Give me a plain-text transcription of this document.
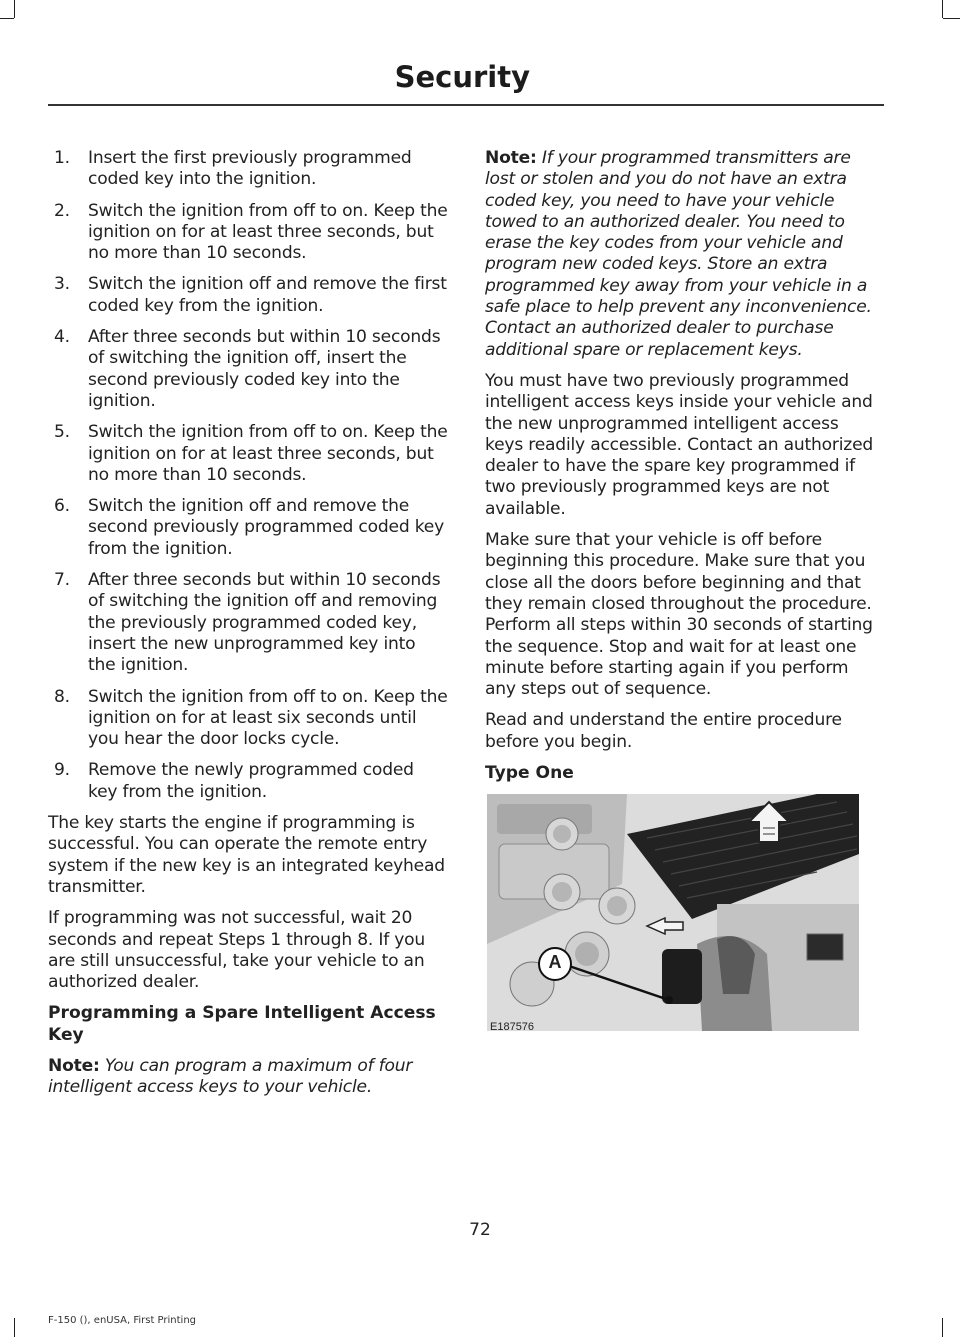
Security
1. Insert the first previously programmed coded key into the ignition.
2. Switch the ignition from off to on. Keep the ignition on for at least three seconds, but no more than 10 seconds.
3. Switch the ignition off and remove the first coded key from the ignition.
4. After three seconds but within 10 seconds of switching the ignition off, insert the second previously coded key into the ignition.
5. Switch the ignition from off to on. Keep the ignition on for at least three seconds, but no more than 10 seconds.
6. Switch the ignition off and remove the second previously programmed coded key from the ignition.
7. After three seconds but within 10 seconds of switching the ignition off and removing the previously programmed coded key, insert the new unprogrammed key into the ignition.
8. Switch the ignition from off to on. Keep the ignition on for at least six seconds until you hear the door locks cycle.
9. Remove the newly programmed coded key from the ignition.

The key starts the engine if programming is successful. You can operate the remote entry system if the new key is an integrated keyhead transmitter.

If programming was not successful, wait 20 seconds and repeat Steps 1 through 8. If you are still unsuccessful, take your vehicle to an authorized dealer.

Programming a Spare Intelligent Access Key

Note: You can program a maximum of four intelligent access keys to your vehicle.

Note: If your programmed transmitters are lost or stolen and you do not have an extra coded key, you need to have your vehicle towed to an authorized dealer. You need to erase the key codes from your vehicle and program new coded keys. Store an extra programmed key away from your vehicle in a safe place to help prevent any inconvenience. Contact an authorized dealer to purchase additional spare or replacement keys.

You must have two previously programmed intelligent access keys inside your vehicle and the new unprogrammed intelligent access keys readily accessible. Contact an authorized dealer to have the spare key programmed if two previously programmed keys are not available.

Make sure that your vehicle is off before beginning this procedure. Make sure that you close all the doors before beginning and that they remain closed throughout the procedure. Perform all steps within 30 seconds of starting the sequence. Stop and wait for at least one minute before starting again if you perform any steps out of sequence.

Read and understand the entire procedure before you begin.

Type One
A
E187576
72
F-150 (), enUSA, First Printing
